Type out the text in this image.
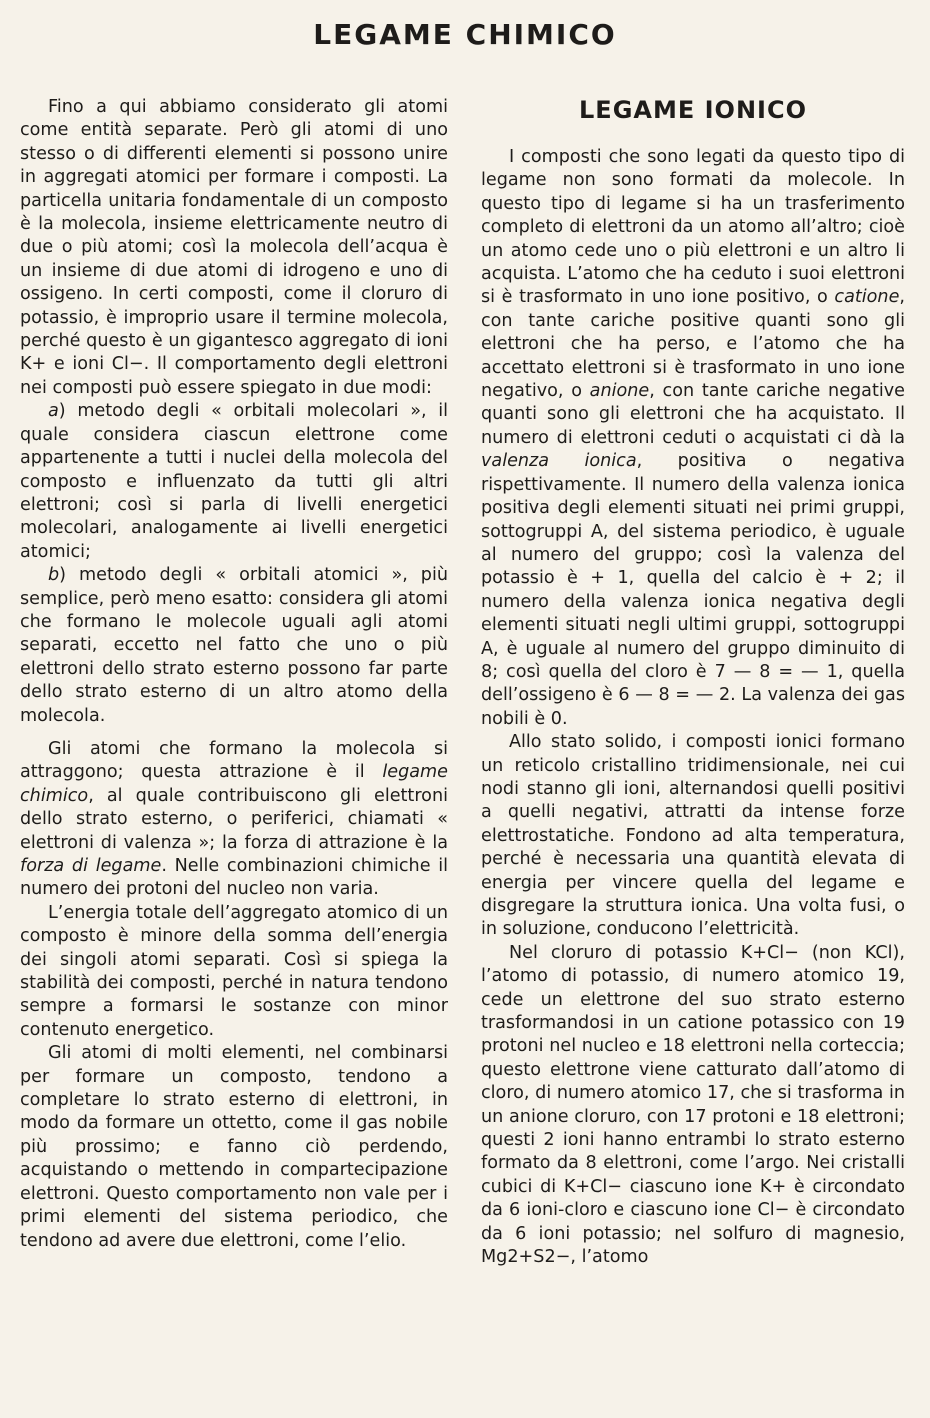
LEGAME CHIMICO

Fino a qui abbiamo considerato gli atomi come entità separate. Però gli atomi di uno stesso o di differenti elementi si possono unire in aggregati atomici per formare i composti. La particella unitaria fondamentale di un composto è la molecola, insieme elettricamente neutro di due o più atomi; così la molecola dell’acqua è un insieme di due atomi di idrogeno e uno di ossigeno. In certi composti, come il cloruro di potassio, è improprio usare il termine molecola, perché questo è un gigantesco aggregato di ioni K+ e ioni Cl−. Il comportamento degli elettroni nei composti può essere spiegato in due modi:

a) metodo degli « orbitali molecolari », il quale considera ciascun elettrone come appartenente a tutti i nuclei della molecola del composto e influenzato da tutti gli altri elettroni; così si parla di livelli energetici molecolari, analogamente ai livelli energetici atomici;

b) metodo degli « orbitali atomici », più semplice, però meno esatto: considera gli atomi che formano le molecole uguali agli atomi separati, eccetto nel fatto che uno o più elettroni dello strato esterno possono far parte dello strato esterno di un altro atomo della molecola.

Gli atomi che formano la molecola si attraggono; questa attrazione è il legame chimico, al quale contribuiscono gli elettroni dello strato esterno, o periferici, chiamati « elettroni di valenza »; la forza di attrazione è la forza di legame. Nelle combinazioni chimiche il numero dei protoni del nucleo non varia.

L’energia totale dell’aggregato atomico di un composto è minore della somma dell’energia dei singoli atomi separati. Così si spiega la stabilità dei composti, perché in natura tendono sempre a formarsi le sostanze con minor contenuto energetico.

Gli atomi di molti elementi, nel combinarsi per formare un composto, tendono a completare lo strato esterno di elettroni, in modo da formare un ottetto, come il gas nobile più prossimo; e fanno ciò perdendo, acquistando o mettendo in compartecipazione elettroni. Questo comportamento non vale per i primi elementi del sistema periodico, che tendono ad avere due elettroni, come l’elio.

LEGAME IONICO

I composti che sono legati da questo tipo di legame non sono formati da molecole. In questo tipo di legame si ha un trasferimento completo di elettroni da un atomo all’altro; cioè un atomo cede uno o più elettroni e un altro li acquista. L’atomo che ha ceduto i suoi elettroni si è trasformato in uno ione positivo, o catione, con tante cariche positive quanti sono gli elettroni che ha perso, e l’atomo che ha accettato elettroni si è trasformato in uno ione negativo, o anione, con tante cariche negative quanti sono gli elettroni che ha acquistato. Il numero di elettroni ceduti o acquistati ci dà la valenza ionica, positiva o negativa rispettivamente. Il numero della valenza ionica positiva degli elementi situati nei primi gruppi, sottogruppi A, del sistema periodico, è uguale al numero del gruppo; così la valenza del potassio è + 1, quella del calcio è + 2; il numero della valenza ionica negativa degli elementi situati negli ultimi gruppi, sottogruppi A, è uguale al numero del gruppo diminuito di 8; così quella del cloro è 7 — 8 = — 1, quella dell’ossigeno è 6 — 8 = — 2. La valenza dei gas nobili è 0.

Allo stato solido, i composti ionici formano un reticolo cristallino tridimensionale, nei cui nodi stanno gli ioni, alternandosi quelli positivi a quelli negativi, attratti da intense forze elettrostatiche. Fondono ad alta temperatura, perché è necessaria una quantità elevata di energia per vincere quella del legame e disgregare la struttura ionica. Una volta fusi, o in soluzione, conducono l’elettricità.

Nel cloruro di potassio K+Cl− (non KCl), l’atomo di potassio, di numero atomico 19, cede un elettrone del suo strato esterno trasformandosi in un catione potassico con 19 protoni nel nucleo e 18 elettroni nella corteccia; questo elettrone viene catturato dall’atomo di cloro, di numero atomico 17, che si trasforma in un anione cloruro, con 17 protoni e 18 elettroni; questi 2 ioni hanno entrambi lo strato esterno formato da 8 elettroni, come l’argo. Nei cristalli cubici di K+Cl− ciascuno ione K+ è circondato da 6 ioni-cloro e ciascuno ione Cl− è circondato da 6 ioni potassio; nel solfuro di magnesio, Mg2+S2−, l’atomo
